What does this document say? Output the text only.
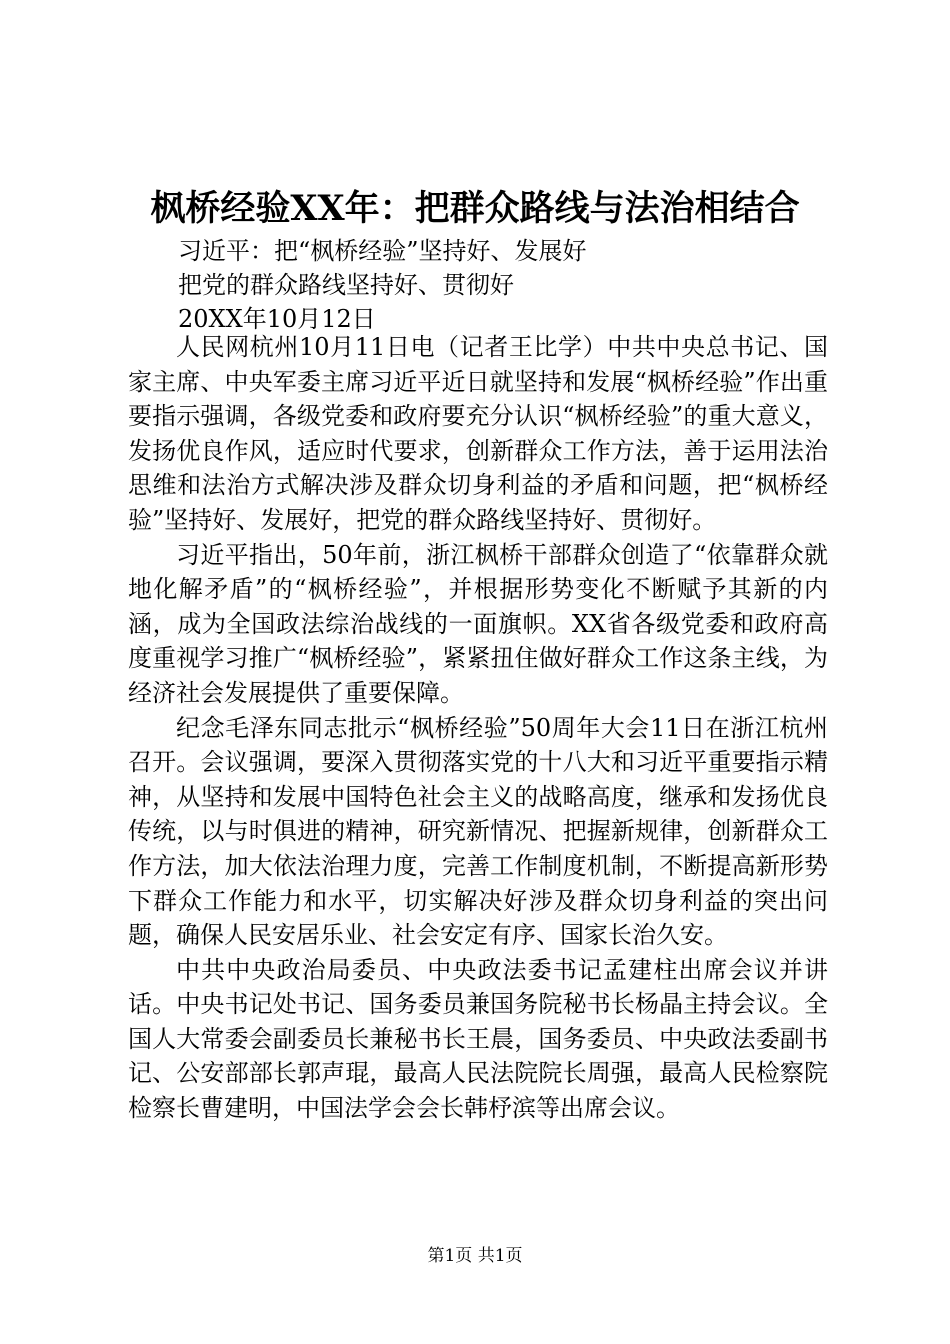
枫桥经验XX年：把群众路线与法治相结合
习近平：把“枫桥经验”坚持好、发展好
把党的群众路线坚持好、贯彻好
20XX年10月12日

人民网杭州10月11日电（记者王比学）中共中央总书记、国家主席、中央军委主席习近平近日就坚持和发展“枫桥经验”作出重要指示强调，各级党委和政府要充分认识“枫桥经验”的重大意义，发扬优良作风，适应时代要求，创新群众工作方法，善于运用法治思维和法治方式解决涉及群众切身利益的矛盾和问题，把“枫桥经验”坚持好、发展好，把党的群众路线坚持好、贯彻好。

习近平指出，50年前，浙江枫桥干部群众创造了“依靠群众就地化解矛盾”的“枫桥经验”，并根据形势变化不断赋予其新的内涵，成为全国政法综治战线的一面旗帜。XX省各级党委和政府高度重视学习推广“枫桥经验”，紧紧扭住做好群众工作这条主线，为经济社会发展提供了重要保障。

纪念毛泽东同志批示“枫桥经验”50周年大会11日在浙江杭州召开。会议强调，要深入贯彻落实党的十八大和习近平重要指示精神，从坚持和发展中国特色社会主义的战略高度，继承和发扬优良传统，以与时俱进的精神，研究新情况、把握新规律，创新群众工作方法，加大依法治理力度，完善工作制度机制，不断提高新形势下群众工作能力和水平，切实解决好涉及群众切身利益的突出问题，确保人民安居乐业、社会安定有序、国家长治久安。

中共中央政治局委员、中央政法委书记孟建柱出席会议并讲话。中央书记处书记、国务委员兼国务院秘书长杨晶主持会议。全国人大常委会副委员长兼秘书长王晨，国务委员、中央政法委副书记、公安部部长郭声琨，最高人民法院院长周强，最高人民检察院检察长曹建明，中国法学会会长韩杼滨等出席会议。

第1页 共1页
